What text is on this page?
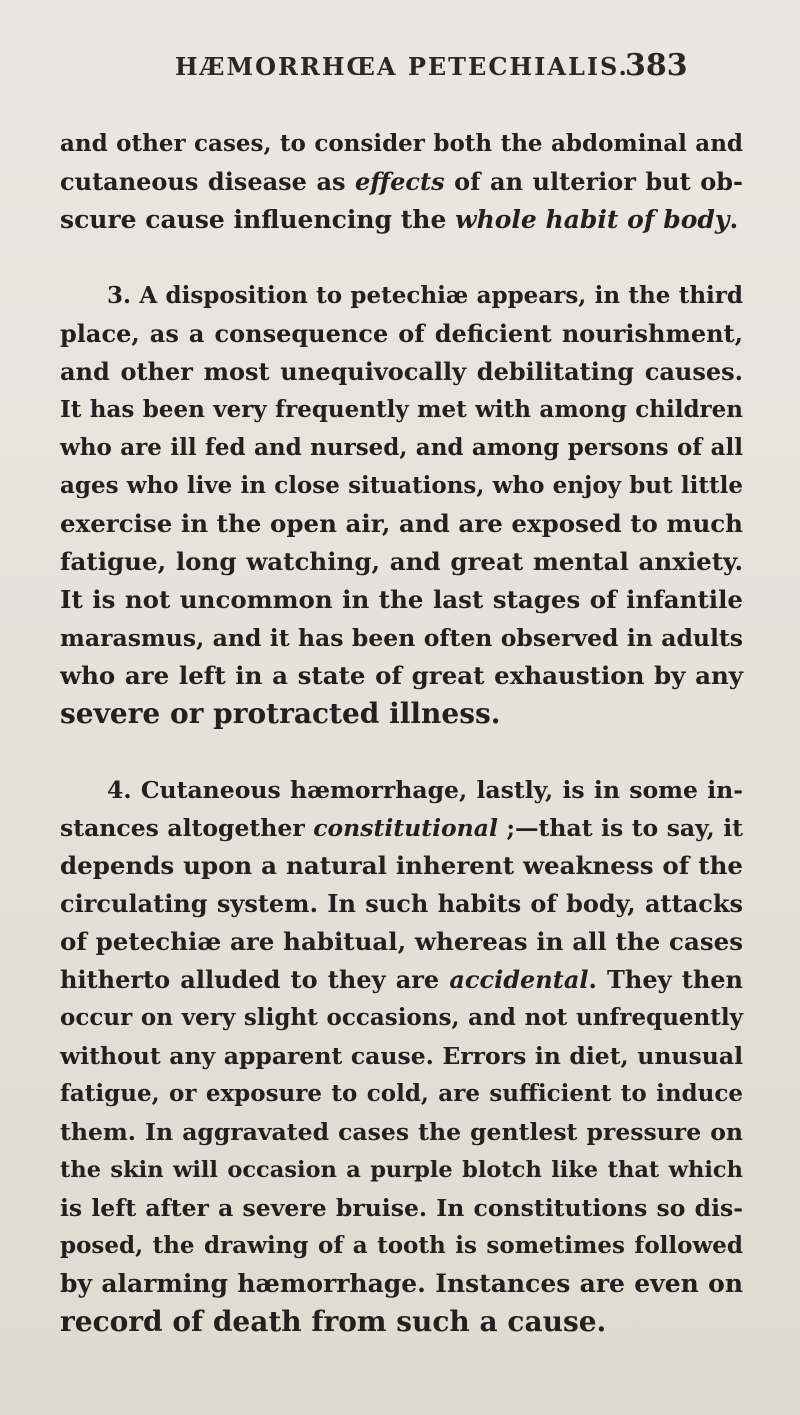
HÆMORRHŒA PETECHIALIS.
383

and other cases, to consider both the abdominal and
cutaneous disease as effects of an ulterior but ob-
scure cause influencing the whole habit of body.

3. A disposition to petechiæ appears, in the third
place, as a consequence of deficient nourishment,
and other most unequivocally debilitating causes.
It has been very frequently met with among children
who are ill fed and nursed, and among persons of all
ages who live in close situations, who enjoy but little
exercise in the open air, and are exposed to much
fatigue, long watching, and great mental anxiety.
It is not uncommon in the last stages of infantile
marasmus, and it has been often observed in adults
who are left in a state of great exhaustion by any
severe or protracted illness.

4. Cutaneous hæmorrhage, lastly, is in some in-
stances altogether constitutional ;—that is to say, it
depends upon a natural inherent weakness of the
circulating system. In such habits of body, attacks
of petechiæ are habitual, whereas in all the cases
hitherto alluded to they are accidental. They then
occur on very slight occasions, and not unfrequently
without any apparent cause. Errors in diet, unusual
fatigue, or exposure to cold, are sufficient to induce
them. In aggravated cases the gentlest pressure on
the skin will occasion a purple blotch like that which
is left after a severe bruise. In constitutions so dis-
posed, the drawing of a tooth is sometimes followed
by alarming hæmorrhage. Instances are even on
record of death from such a cause.
